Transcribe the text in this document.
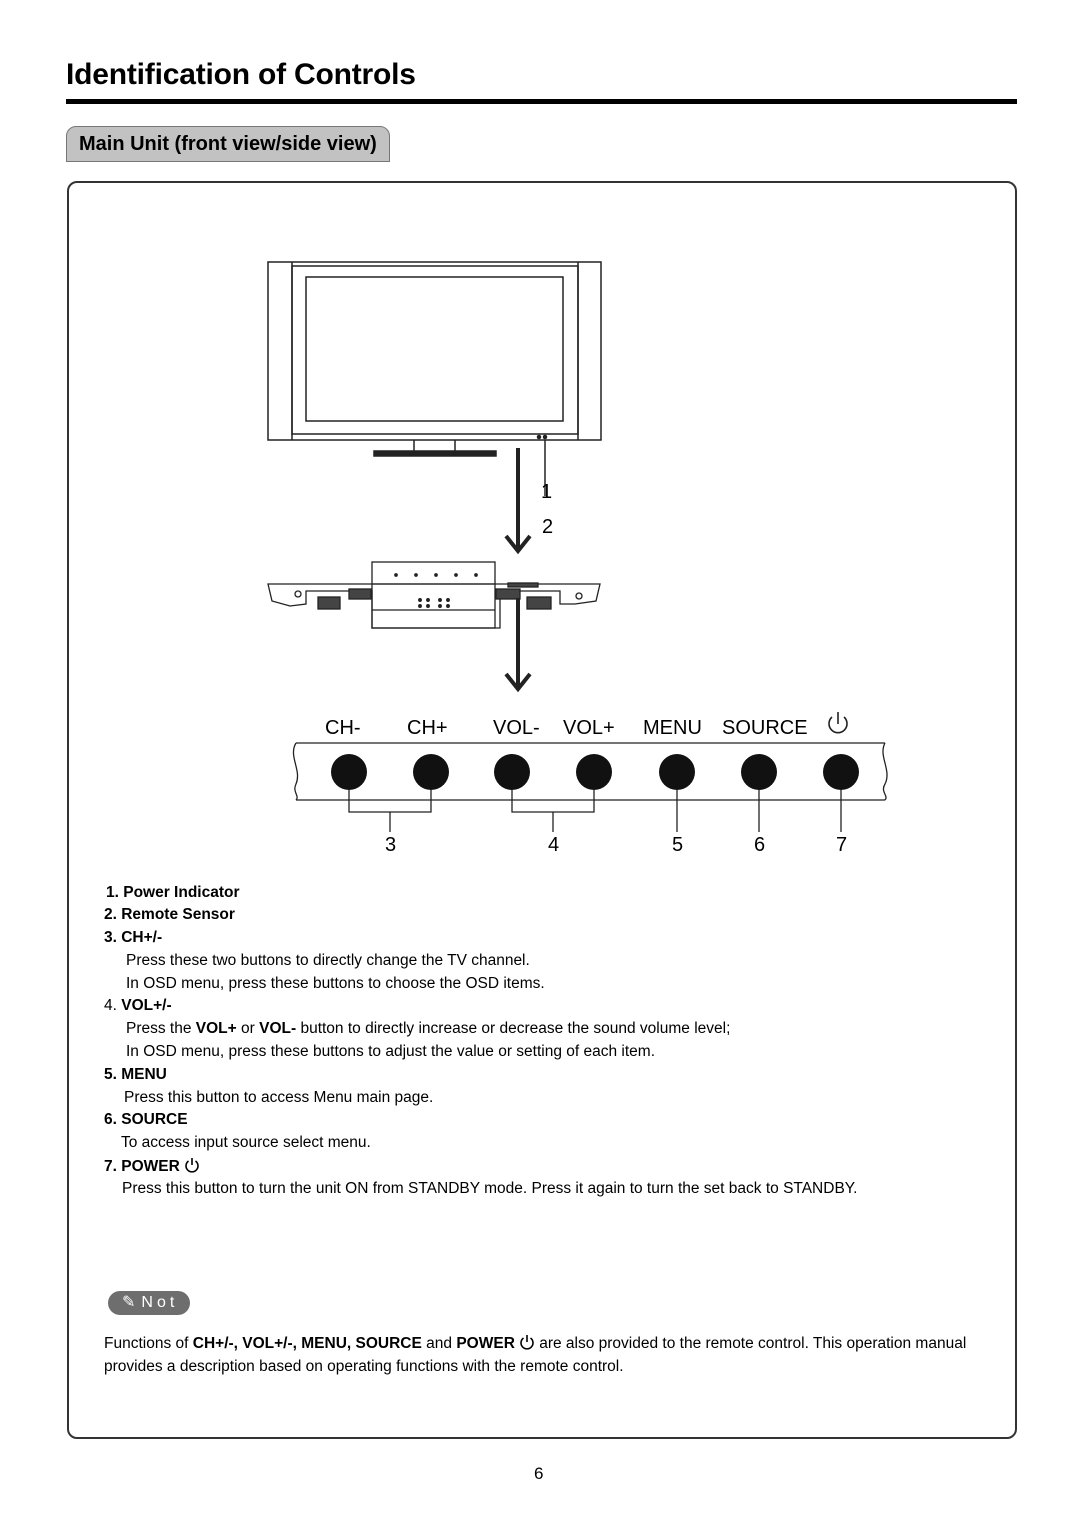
Identification of Controls
Main Unit (front view/side view)
1
2
CH- CH+ VOL- VOL+ MENU SOURCE
3	4	5	6	7
1. Power Indicator
2. Remote Sensor
3. CH+/-
Press these two buttons to directly change the TV channel.
In OSD menu, press these buttons to choose the OSD items.
4. VOL+/-
Press the VOL+ or VOL- button to directly increase or decrease the sound volume level;
In OSD menu, press these buttons to adjust the value or setting of each item.
5. MENU
Press this button to access Menu main page.
6. SOURCE
To access input source select menu.
7. POWER
Press this button to turn the unit ON from STANDBY mode. Press it again to turn the set back to STANDBY.
✎ Not
Functions of CH+/-, VOL+/-, MENU, SOURCE and POWER are also provided to the remote control. This operation manual provides a description based on operating functions with the remote control.
6
